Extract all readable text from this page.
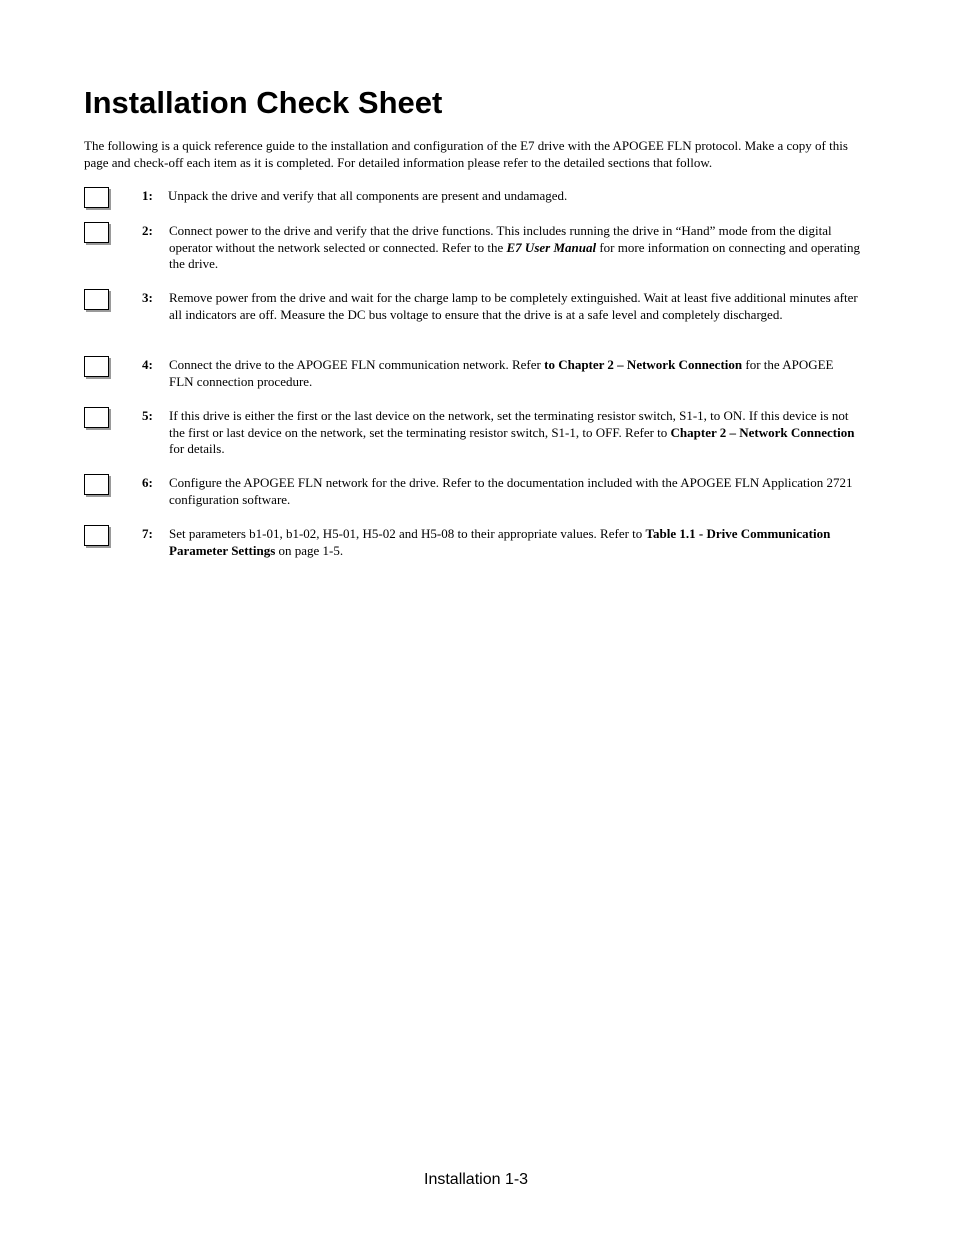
Installation Check Sheet

The following is a quick reference guide to the installation and configuration of the E7 drive with the APOGEE FLN protocol. Make a copy of this page and check-off each item as it is completed. For detailed information please refer to the detailed sections that follow.

1: Unpack the drive and verify that all components are present and undamaged.
2: Connect power to the drive and verify that the drive functions. This includes running the drive in “Hand” mode from the digital operator without the network selected or connected. Refer to the E7 User Manual for more information on connecting and operating the drive.
3: Remove power from the drive and wait for the charge lamp to be completely extinguished. Wait at least five additional minutes after all indicators are off. Measure the DC bus voltage to ensure that the drive is at a safe level and completely discharged.
4: Connect the drive to the APOGEE FLN communication network. Refer to Chapter 2 – Network Connection for the APOGEE FLN connection procedure.
5: If this drive is either the first or the last device on the network, set the terminating resistor switch, S1-1, to ON. If this device is not the first or last device on the network, set the terminating resistor switch, S1-1, to OFF. Refer to Chapter 2 – Network Connection for details.
6: Configure the APOGEE FLN network for the drive. Refer to the documentation included with the APOGEE FLN Application 2721 configuration software.
7: Set parameters b1-01, b1-02, H5-01, H5-02 and H5-08 to their appropriate values. Refer to Table 1.1 - Drive Communication Parameter Settings on page 1-5.
Installation 1-3
